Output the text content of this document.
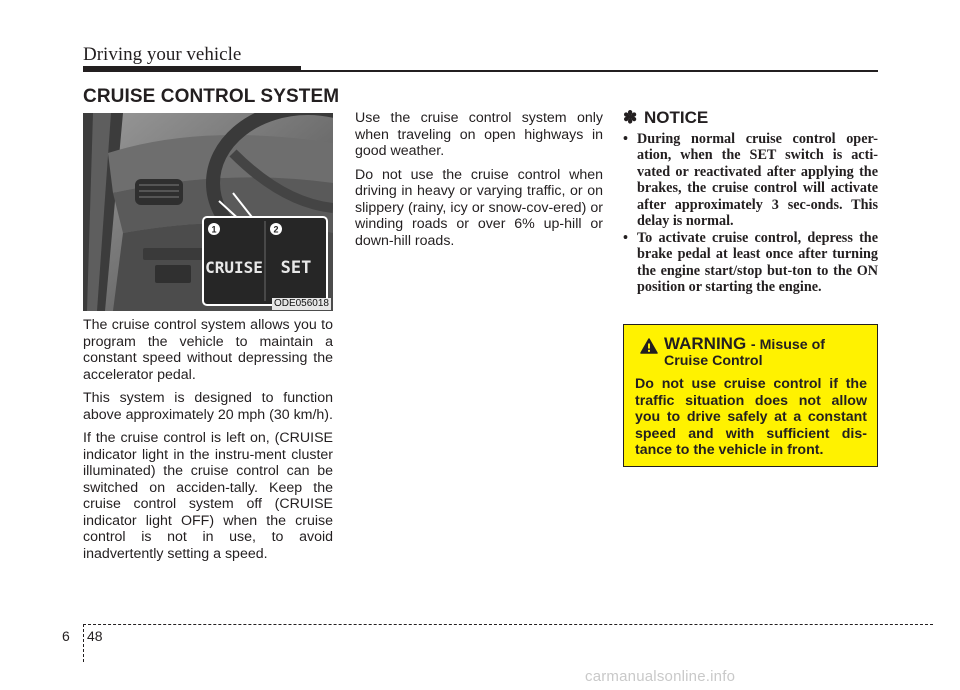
Driving your vehicle
CRUISE CONTROL SYSTEM
1	2
CRUISE SET
ODE056018

The cruise control system allows you to program the vehicle to maintain a constant speed without depressing the accelerator pedal.

This system is designed to function above approximately 20 mph (30 km/h).

If the cruise control is left on, (CRUISE indicator light in the instru-ment cluster illuminated) the cruise control can be switched on acciden-tally. Keep the cruise control system off (CRUISE indicator light OFF) when the cruise control is not in use, to avoid inadvertently setting a speed.

Use the cruise control system only when traveling on open highways in good weather.

Do not use the cruise control when driving in heavy or varying traffic, or on slippery (rainy, icy or snow-cov-ered) or winding roads or over 6% up-hill or down-hill roads.

✽ NOTICE
• During normal cruise control oper-ation, when the SET switch is acti-vated or reactivated after applying the brakes, the cruise control will activate after approximately 3 sec-onds. This delay is normal.
• To activate cruise control, depress the brake pedal at least once after turning the engine start/stop but-ton to the ON position or starting the engine.
WARNING - Misuse of
Cruise Control
Do not use cruise control if the traffic situation does not allow you to drive safely at a constant speed and with sufficient dis-tance to the vehicle in front.
6 48
carmanualsonline.info
